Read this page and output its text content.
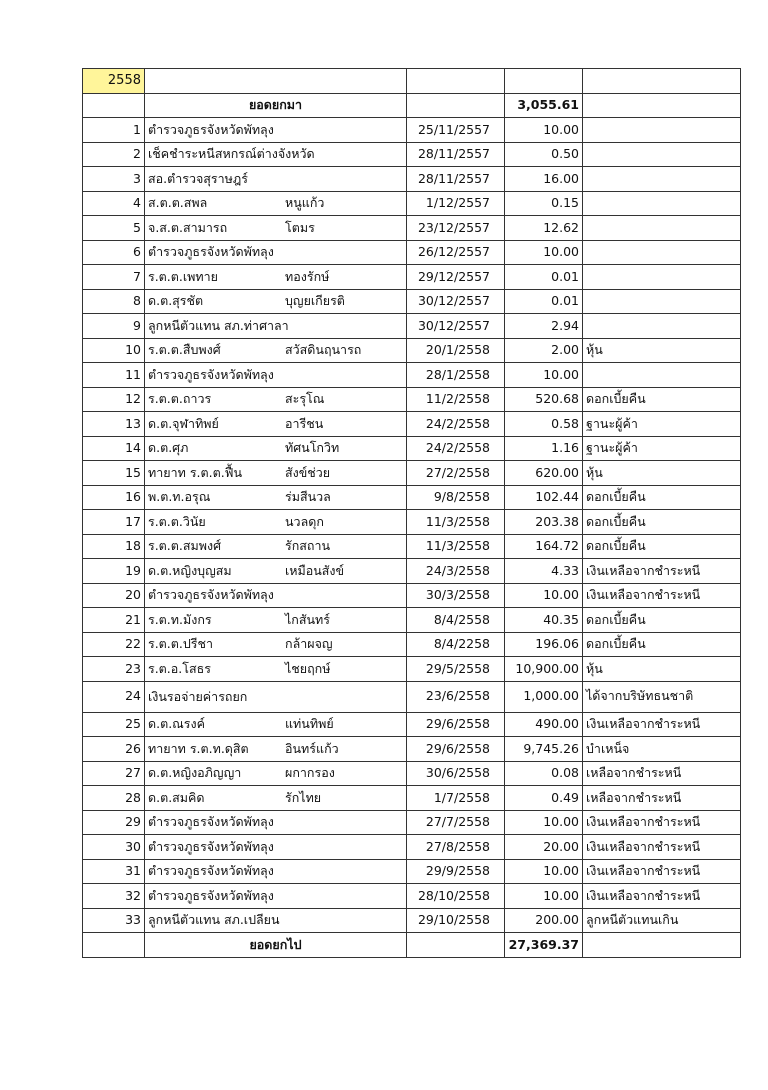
2558				
	ยอดยกมา		3,055.61	
1	ตำรวจภูธรจังหวัดพัทลุง	25/11/2557	10.00	
2	เช็คชำระหนีสหกรณ์ต่างจังหวัด	28/11/2557	0.50	
3	สอ.ตำรวจสุราษฎร์	28/11/2557	16.00	
4	ส.ต.ต.สพล หนูแก้ว	1/12/2557	0.15	
5	จ.ส.ต.สามารถ โตมร	23/12/2557	12.62	
6	ตำรวจภูธรจังหวัดพัทลุง	26/12/2557	10.00	
7	ร.ต.ต.เพทาย ทองรักษ์	29/12/2557	0.01	
8	ด.ต.สุรชัต บุญยเกียรติ	30/12/2557	0.01	
9	ลูกหนีตัวแทน สภ.ท่าศาลา	30/12/2557	2.94	
10	ร.ต.ต.สืบพงศ์ สวัสดินฤนารถ	20/1/2558	2.00	หุ้น
11	ตำรวจภูธรจังหวัดพัทลุง	28/1/2558	10.00	
12	ร.ต.ต.ถาวร สะรุโณ	11/2/2558	520.68	ดอกเบี้ยคืน
13	ด.ต.จุฬาทิพย์ อารีชน	24/2/2558	0.58	ฐานะผู้ค้า
14	ด.ต.ศุภ ทัศนโกวิท	24/2/2558	1.16	ฐานะผู้ค้า
15	ทายาท ร.ต.ต.ฟื้น สังข์ช่วย	27/2/2558	620.00	หุ้น
16	พ.ต.ท.อรุณ ร่มสีนวล	9/8/2558	102.44	ดอกเบี้ยคืน
17	ร.ต.ต.วินัย นวลดุก	11/3/2558	203.38	ดอกเบี้ยคืน
18	ร.ต.ต.สมพงศ์ รักสถาน	11/3/2558	164.72	ดอกเบี้ยคืน
19	ด.ต.หญิงบุญสม เหมือนสังข์	24/3/2558	4.33	เงินเหลือจากชำระหนี
20	ตำรวจภูธรจังหวัดพัทลุง	30/3/2558	10.00	เงินเหลือจากชำระหนี
21	ร.ต.ท.มังกร ไกสันทร์	8/4/2558	40.35	ดอกเบี้ยคืน
22	ร.ต.ต.ปรีชา กล้าผจญ	8/4/2258	196.06	ดอกเบี้ยคืน
23	ร.ต.อ.โสธร ไชยฤกษ์	29/5/2558	10,900.00	หุ้น
24	เงินรอจ่ายค่ารถยก	23/6/2558	1,000.00	ได้จากบริษัทธนชาติ
25	ด.ต.ณรงค์ แท่นทิพย์	29/6/2558	490.00	เงินเหลือจากชำระหนี
26	ทายาท ร.ต.ท.ดุสิต อินทร์แก้ว	29/6/2558	9,745.26	บำเหน็จ
27	ด.ต.หญิงอภิญญา ผกากรอง	30/6/2558	0.08	เหลือจากชำระหนี
28	ด.ต.สมคิด รักไทย	1/7/2558	0.49	เหลือจากชำระหนี
29	ตำรวจภูธรจังหวัดพัทลุง	27/7/2558	10.00	เงินเหลือจากชำระหนี
30	ตำรวจภูธรจังหวัดพัทลุง	27/8/2558	20.00	เงินเหลือจากชำระหนี
31	ตำรวจภูธรจังหวัดพัทลุง	29/9/2558	10.00	เงินเหลือจากชำระหนี
32	ตำรวจภูธรจังหวัดพัทลุง	28/10/2558	10.00	เงินเหลือจากชำระหนี
33	ลูกหนีตัวแทน สภ.เปลียน	29/10/2558	200.00	ลูกหนีตัวแทนเกิน
	ยอดยกไป		27,369.37	
